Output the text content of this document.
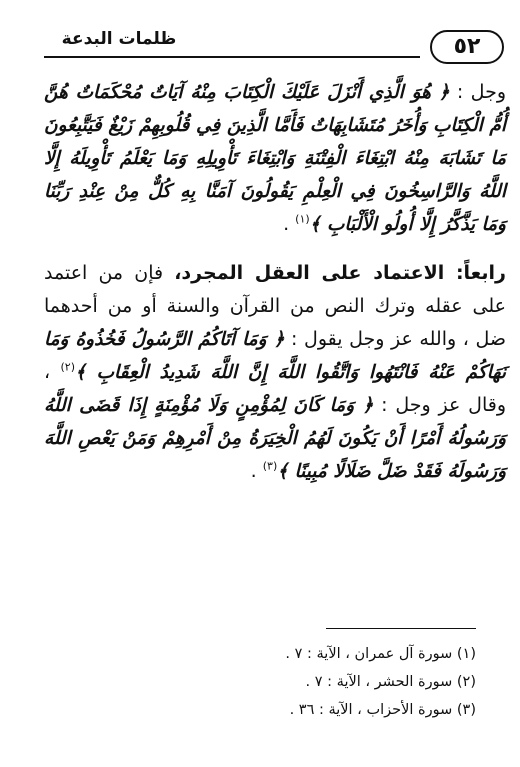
٥٢
ظلمات البدعة

وجل : ﴿ هُوَ الَّذِي أَنْزَلَ عَلَيْكَ الْكِتَابَ مِنْهُ آيَاتٌ مُحْكَمَاتٌ هُنَّ أُمُّ الْكِتَابِ وَأُخَرُ مُتَشَابِهَاتٌ فَأَمَّا الَّذِينَ فِي قُلُوبِهِمْ زَيْغٌ فَيَتَّبِعُونَ مَا تَشَابَهَ مِنْهُ ابْتِغَاءَ الْفِتْنَةِ وَابْتِغَاءَ تَأْوِيلِهِ وَمَا يَعْلَمُ تَأْوِيلَهُ إِلَّا اللَّهُ وَالرَّاسِخُونَ فِي الْعِلْمِ يَقُولُونَ آمَنَّا بِهِ كُلٌّ مِنْ عِنْدِ رَبِّنَا وَمَا يَذَّكَّرُ إِلَّا أُولُو الْأَلْبَابِ ﴾$^{(١)}$ .

رابعاً: الاعتماد على العقل المجرد، فإن من اعتمد على عقله وترك النص من القرآن والسنة أو من أحدهما ضل ، والله عز وجل يقول : ﴿ وَمَا آتَاكُمُ الرَّسُولُ فَخُذُوهُ وَمَا نَهَاكُمْ عَنْهُ فَانْتَهُوا وَاتَّقُوا اللَّهَ إِنَّ اللَّهَ شَدِيدُ الْعِقَابِ ﴾$^{(٢)}$ ، وقال عز وجل : ﴿ وَمَا كَانَ لِمُؤْمِنٍ وَلَا مُؤْمِنَةٍ إِذَا قَضَى اللَّهُ وَرَسُولُهُ أَمْرًا أَنْ يَكُونَ لَهُمُ الْخِيَرَةُ مِنْ أَمْرِهِمْ وَمَنْ يَعْصِ اللَّهَ وَرَسُولَهُ فَقَدْ ضَلَّ ضَلَالًا مُبِينًا ﴾$^{(٣)}$ .

(١) سورة آل عمران ، الآية : ٧ .

(٢) سورة الحشر ، الآية : ٧ .

(٣) سورة الأحزاب ، الآية : ٣٦ .
